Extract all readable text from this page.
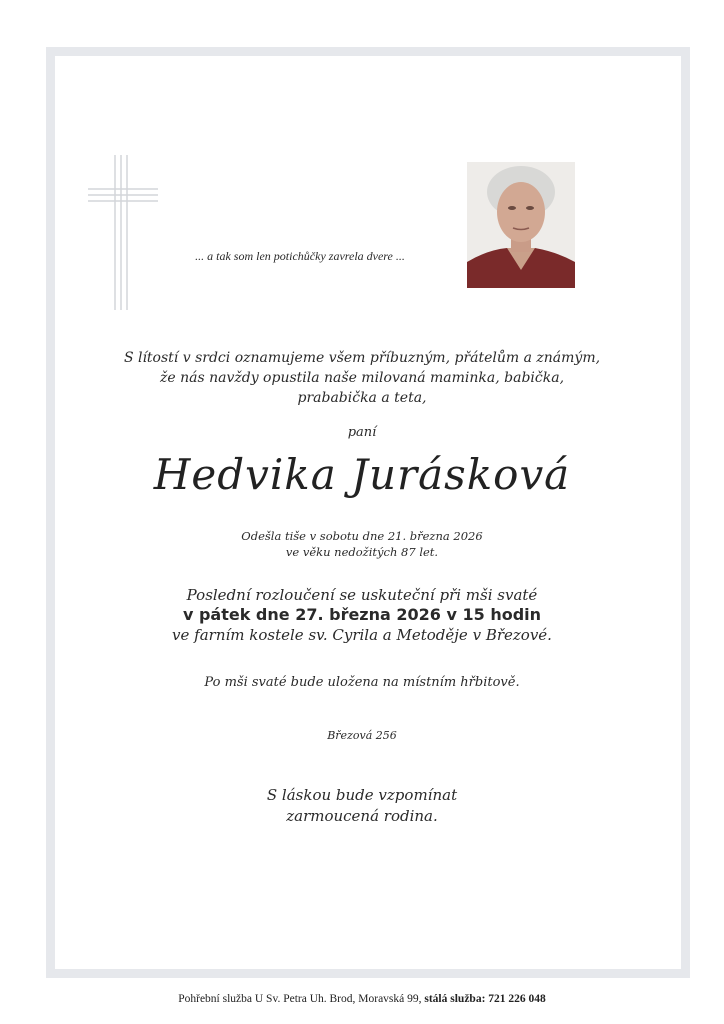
... a tak som len potichůčky zavrela dvere ...
S lítostí v srdci oznamujeme všem příbuzným, přátelům a známým,
že nás navždy opustila naše milovaná maminka, babička,
prababička a teta,
paní
Hedvika Jurásková
Odešla tiše v sobotu dne 21. března 2026
ve věku nedožitých 87 let.
Poslední rozloučení se uskuteční při mši svaté
v pátek dne 27. března 2026 v 15 hodin
ve farním kostele sv. Cyrila a Metoděje v Březové.
Po mši svaté bude uložena na místním hřbitově.
Březová 256
S láskou bude vzpomínat
zarmoucená rodina.
Pohřební služba U Sv. Petra Uh. Brod, Moravská 99, stálá služba: 721 226 048
